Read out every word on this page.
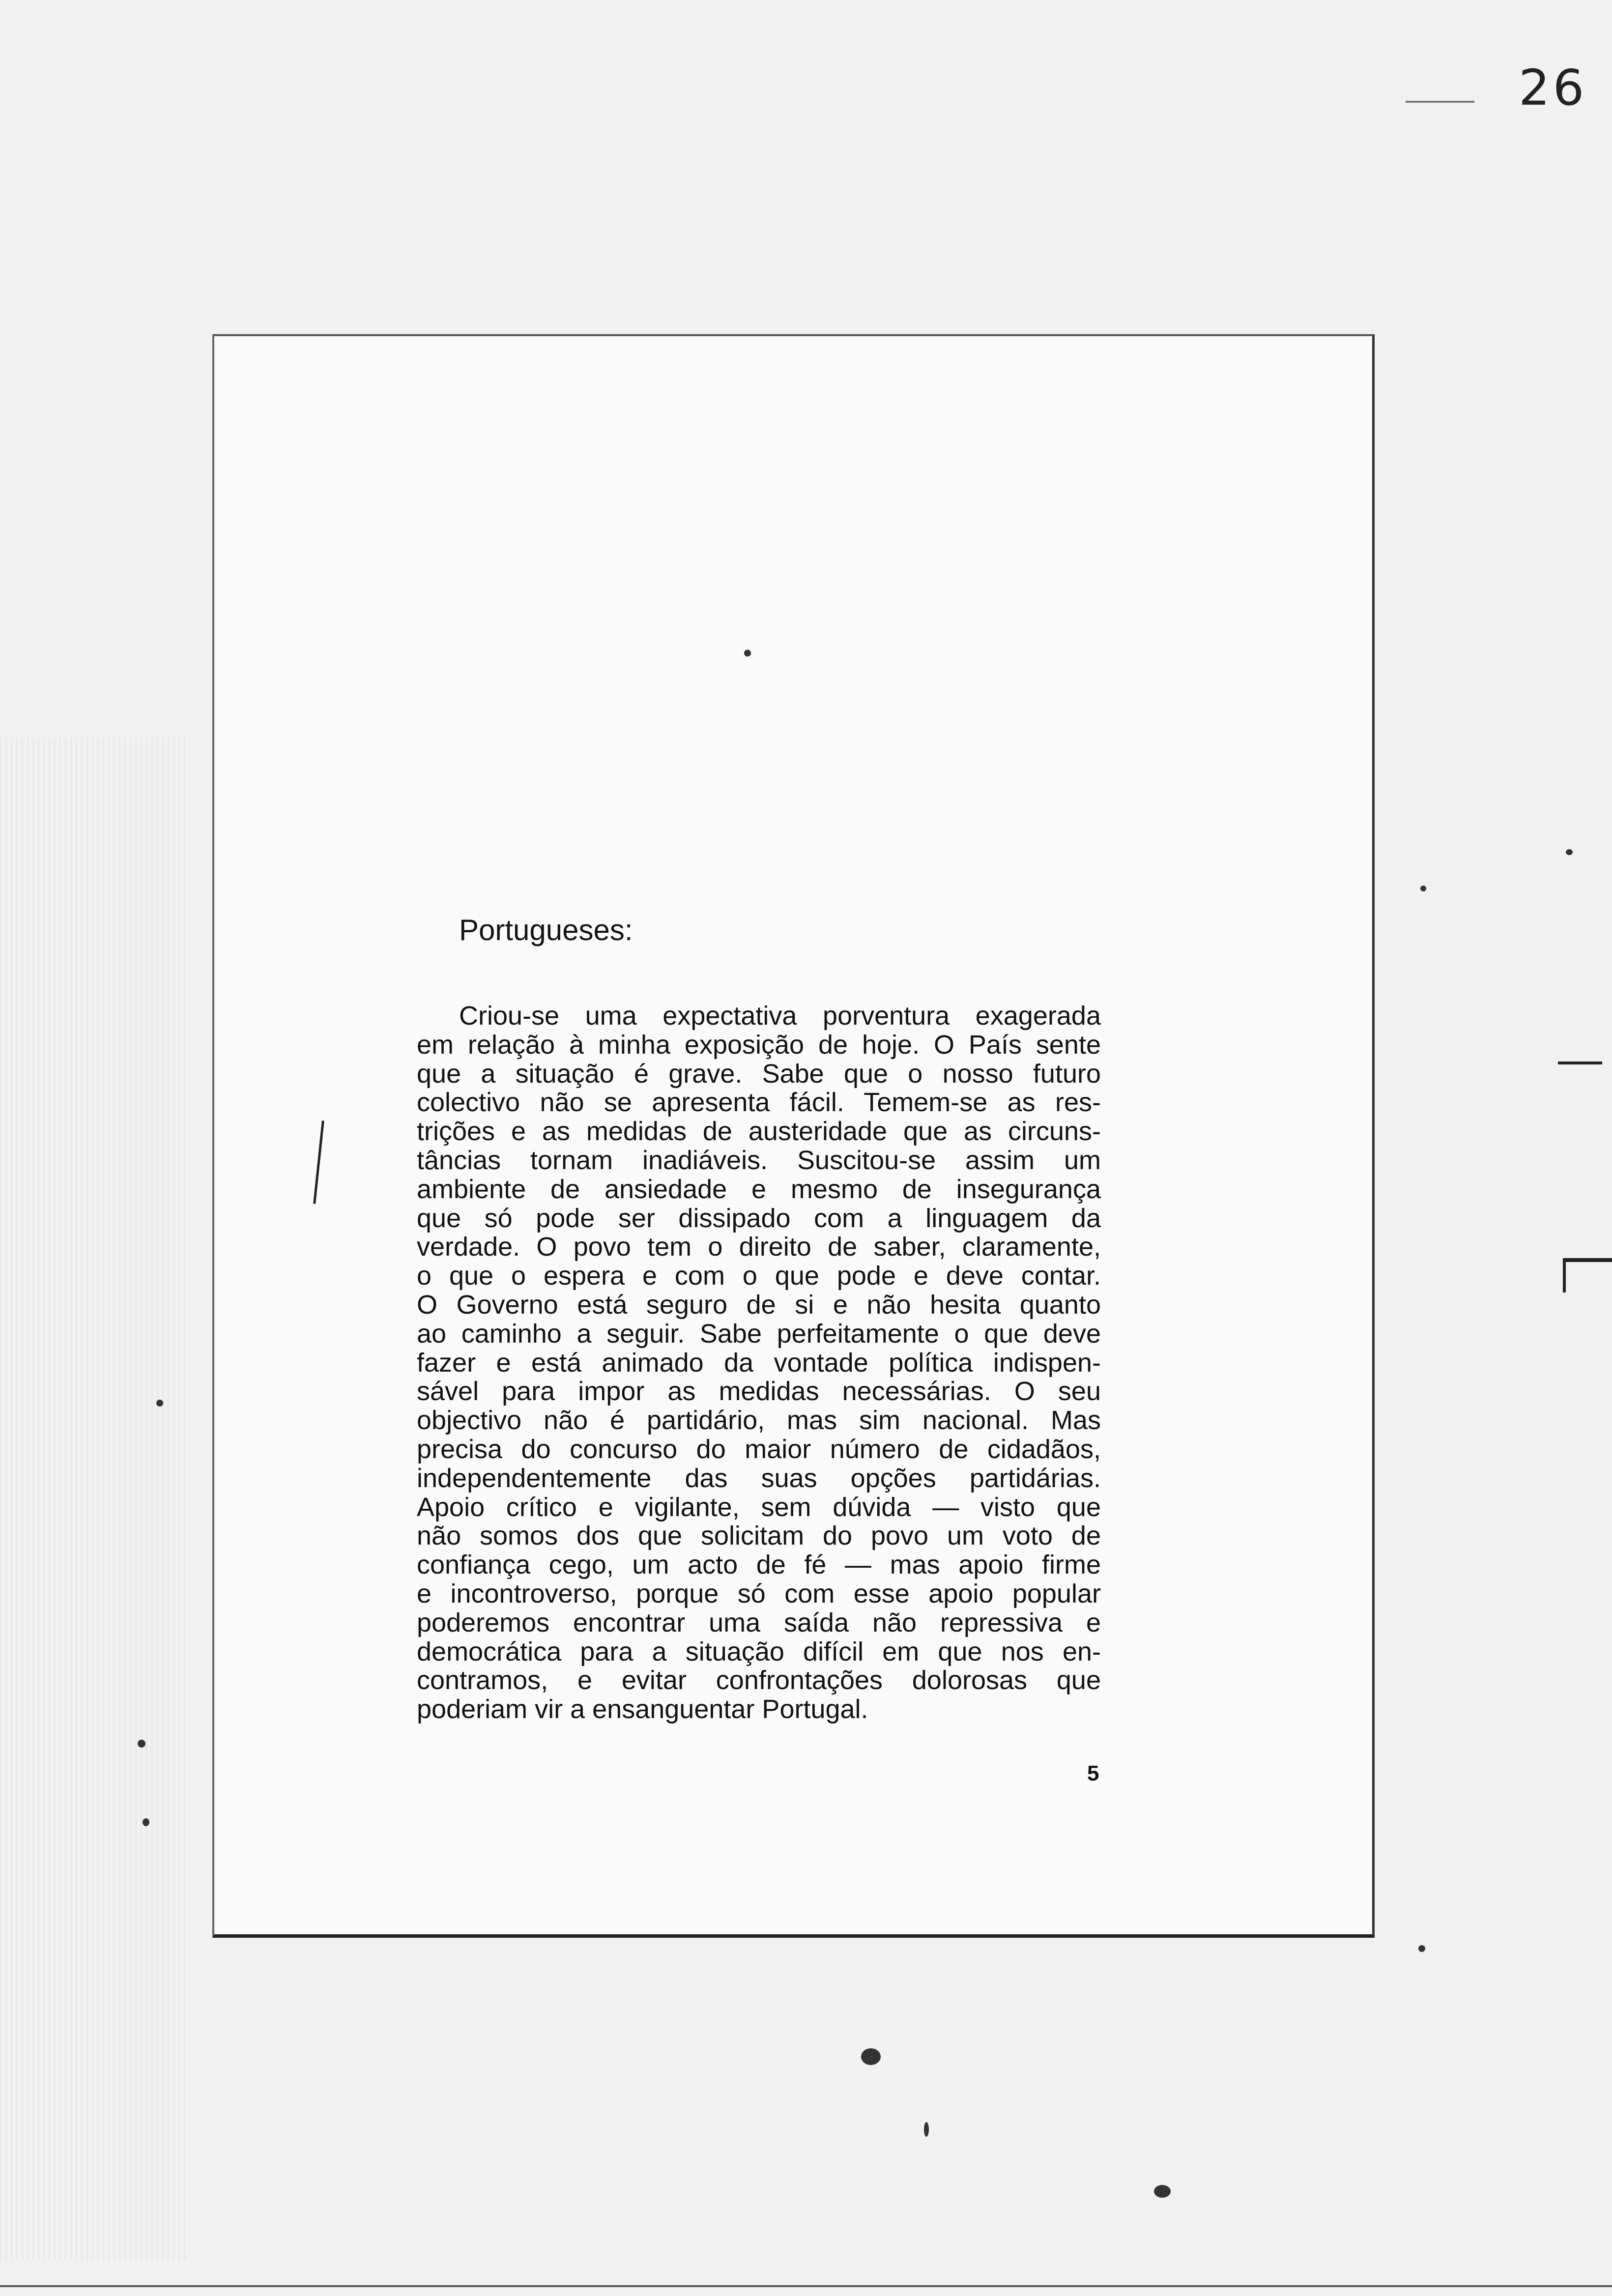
26
Portugueses:
Criou-se uma expectativa porventura exagerada
em relação à minha exposição de hoje. O País sente
que a situação é grave. Sabe que o nosso futuro
colectivo não se apresenta fácil. Temem-se as res-
trições e as medidas de austeridade que as circuns-
tâncias tornam inadiáveis. Suscitou-se assim um
ambiente de ansiedade e mesmo de insegurança
que só pode ser dissipado com a linguagem da
verdade. O povo tem o direito de saber, claramente,
o que o espera e com o que pode e deve contar.
O Governo está seguro de si e não hesita quanto
ao caminho a seguir. Sabe perfeitamente o que deve
fazer e está animado da vontade política indispen-
sável para impor as medidas necessárias. O seu
objectivo não é partidário, mas sim nacional. Mas
precisa do concurso do maior número de cidadãos,
independentemente das suas opções partidárias.
Apoio crítico e vigilante, sem dúvida — visto que
não somos dos que solicitam do povo um voto de
confiança cego, um acto de fé — mas apoio firme
e incontroverso, porque só com esse apoio popular
poderemos encontrar uma saída não repressiva e
democrática para a situação difícil em que nos en-
contramos, e evitar confrontações dolorosas que
poderiam vir a ensanguentar Portugal.
5
